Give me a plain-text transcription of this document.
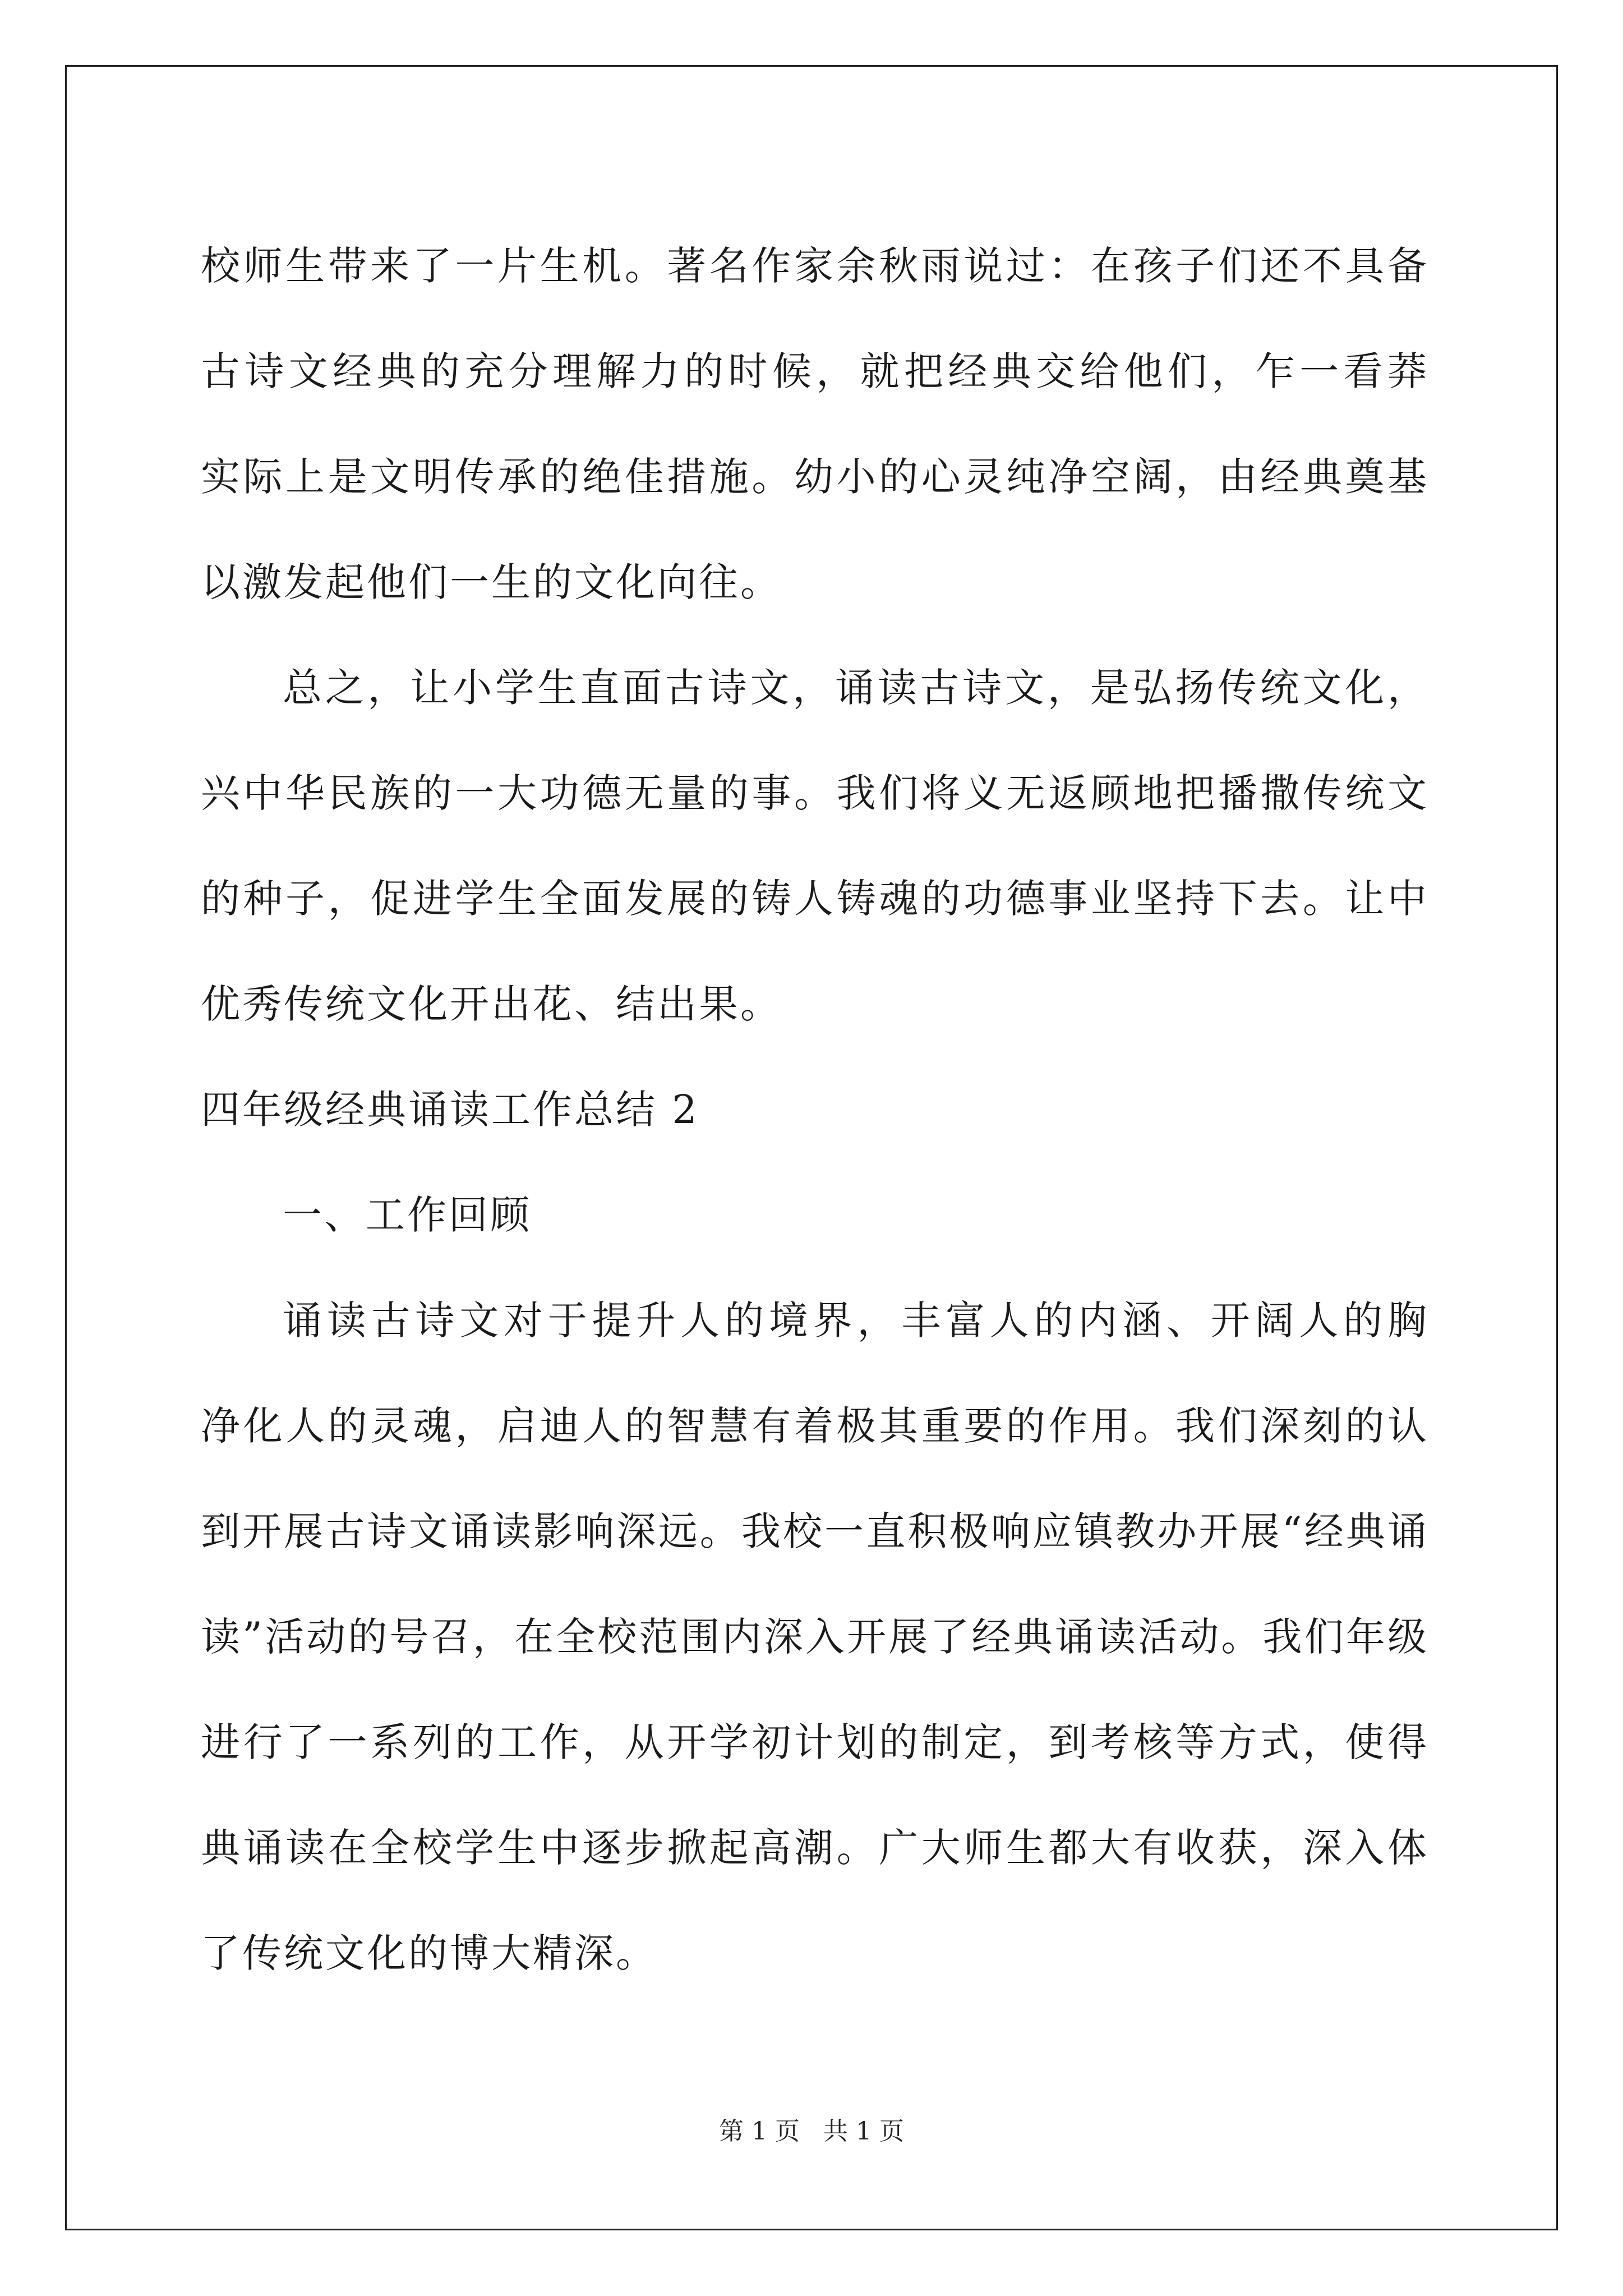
校师生带来了一片生机。著名作家余秋雨说过：在孩子们还不具备
古诗文经典的充分理解力的时候，就把经典交给他们，乍一看莽
实际上是文明传承的绝佳措施。幼小的心灵纯净空阔，由经典奠基
以激发起他们一生的文化向往。
总之，让小学生直面古诗文，诵读古诗文，是弘扬传统文化，
兴中华民族的一大功德无量的事。我们将义无返顾地把播撒传统文
的种子，促进学生全面发展的铸人铸魂的功德事业坚持下去。让中
优秀传统文化开出花、结出果。
四年级经典诵读工作总结 2
一、工作回顾
诵读古诗文对于提升人的境界，丰富人的内涵、开阔人的胸
净化人的灵魂，启迪人的智慧有着极其重要的作用。我们深刻的认
到开展古诗文诵读影响深远。我校一直积极响应镇教办开展“经典诵
读”活动的号召，在全校范围内深入开展了经典诵读活动。我们年级
进行了一系列的工作，从开学初计划的制定，到考核等方式，使得
典诵读在全校学生中逐步掀起高潮。广大师生都大有收获，深入体
了传统文化的博大精深。
第 1 页 共 1 页
